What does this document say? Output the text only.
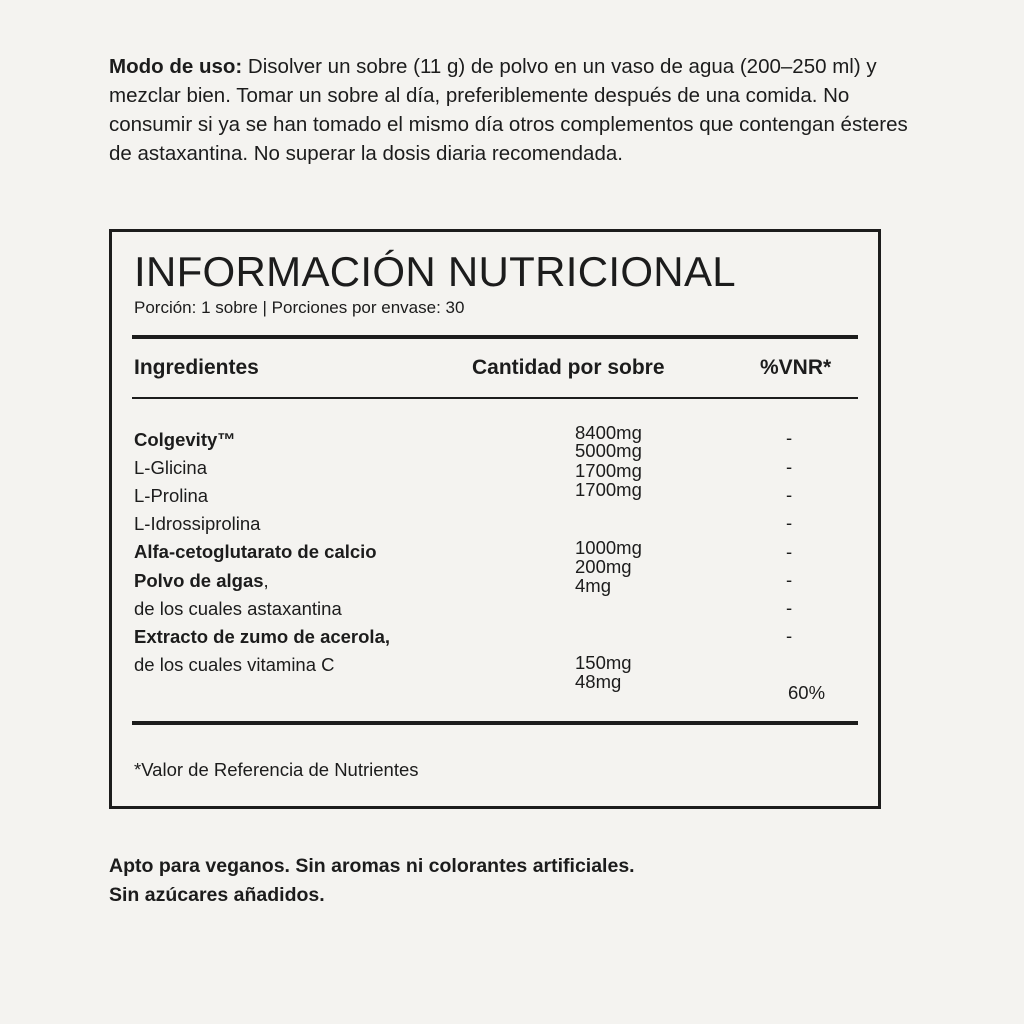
Modo de uso: Disolver un sobre (11 g) de polvo en un vaso de agua (200–250 ml) y mezclar bien. Tomar un sobre al día, preferiblemente después de una comida. No consumir si ya se han tomado el mismo día otros complementos que contengan ésteres de astaxantina. No superar la dosis diaria recomendada.

INFORMACIÓN NUTRICIONAL

Porción: 1 sobre | Porciones por envase: 30

Ingredientes	Cantidad por sobre	%VNR*
Colgevity™
L-Glicina
L-Prolina
L-Idrossiprolina
Alfa-cetoglutarato de calcio
Polvo de algas,
de los cuales astaxantina
Extracto de zumo de acerola,
de los cuales vitamina C
8400mg
5000mg
1700mg
1700mg
1000mg
200mg
4mg
150mg
48mg
-
-
-
-
-
-
-
-
60%
*Valor de Referencia de Nutrientes

Apto para veganos. Sin aromas ni colorantes artificiales.
Sin azúcares añadidos.
